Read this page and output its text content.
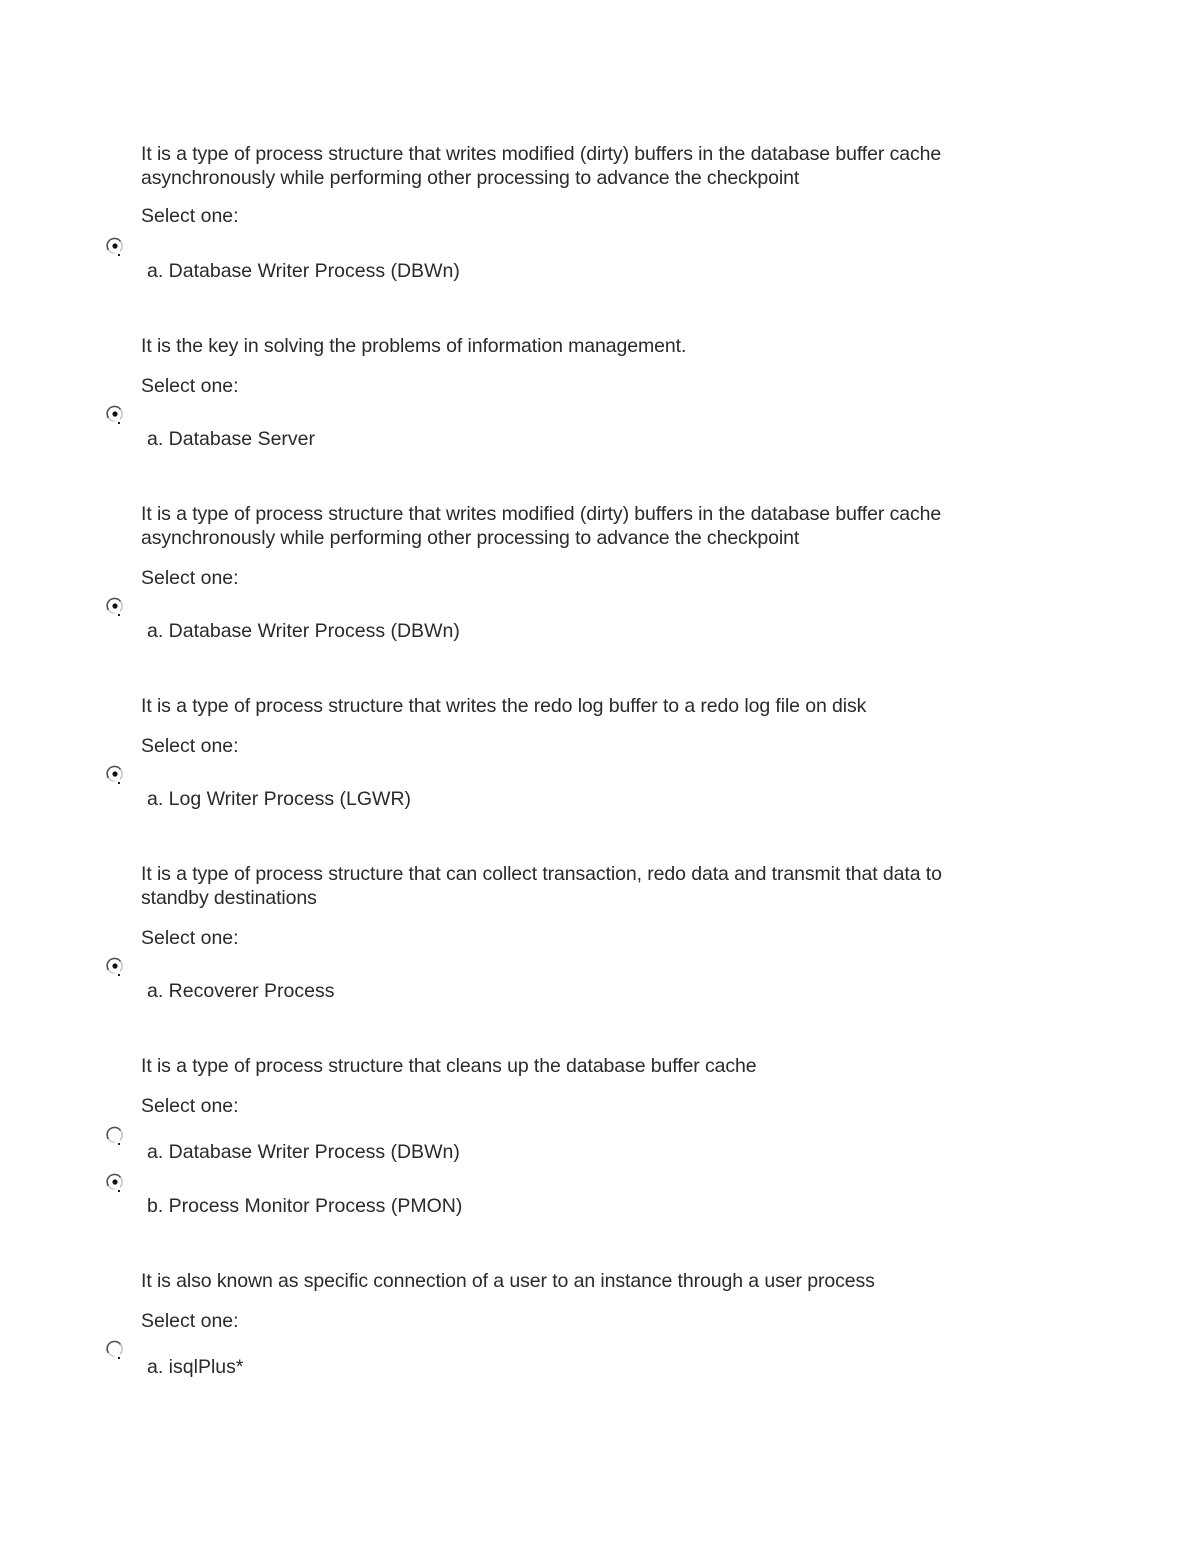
It is a type of process structure that writes modified (dirty) buffers in the database buffer cache
asynchronously while performing other processing to advance the checkpoint
Select one:
a. Database Writer Process (DBWn)
It is the key in solving the problems of information management.
Select one:
a. Database Server
It is a type of process structure that writes modified (dirty) buffers in the database buffer cache
asynchronously while performing other processing to advance the checkpoint
Select one:
a. Database Writer Process (DBWn)
It is a type of process structure that writes the redo log buffer to a redo log file on disk
Select one:
a. Log Writer Process (LGWR)
It is a type of process structure that can collect transaction, redo data and transmit that data to
standby destinations
Select one:
a. Recoverer Process
It is a type of process structure that cleans up the database buffer cache
Select one:
a. Database Writer Process (DBWn)
b. Process Monitor Process (PMON)
It is also known as specific connection of a user to an instance through a user process
Select one:
a. isqlPlus*
